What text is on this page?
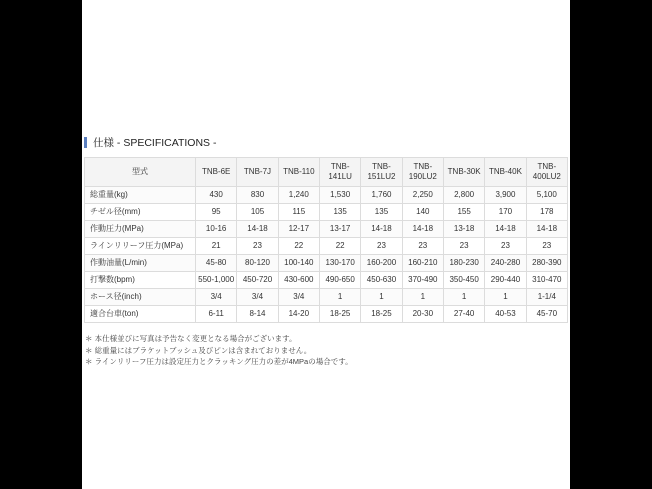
仕様 - SPECIFICATIONS -
型式	TNB-6E	TNB-7J	TNB-110	TNB-141LU	TNB-151LU2	TNB-190LU2	TNB-30K	TNB-40K	TNB-400LU2
総重量(kg)	430	830	1,240	1,530	1,760	2,250	2,800	3,900	5,100
チゼル径(mm)	95	105	115	135	135	140	155	170	178
作動圧力(MPa)	10-16	14-18	12-17	13-17	14-18	14-18	13-18	14-18	14-18
ラインリリーフ圧力(MPa)	21	23	22	22	23	23	23	23	23
作動油量(L/min)	45-80	80-120	100-140	130-170	160-200	160-210	180-230	240-280	280-390
打撃数(bpm)	550-1,000	450-720	430-600	490-650	450-630	370-490	350-450	290-440	310-470
ホース径(inch)	3/4	3/4	3/4	1	1	1	1	1	1-1/4
適合台車(ton)	6-11	8-14	14-20	18-25	18-25	20-30	27-40	40-53	45-70
＊ 本仕様並びに写真は予告なく変更となる場合がございます。
＊ 総重量にはブラケットブッシュ及びピンは含まれておりません。
＊ ラインリリーフ圧力は設定圧力とクラッキング圧力の差が4MPaの場合です。
